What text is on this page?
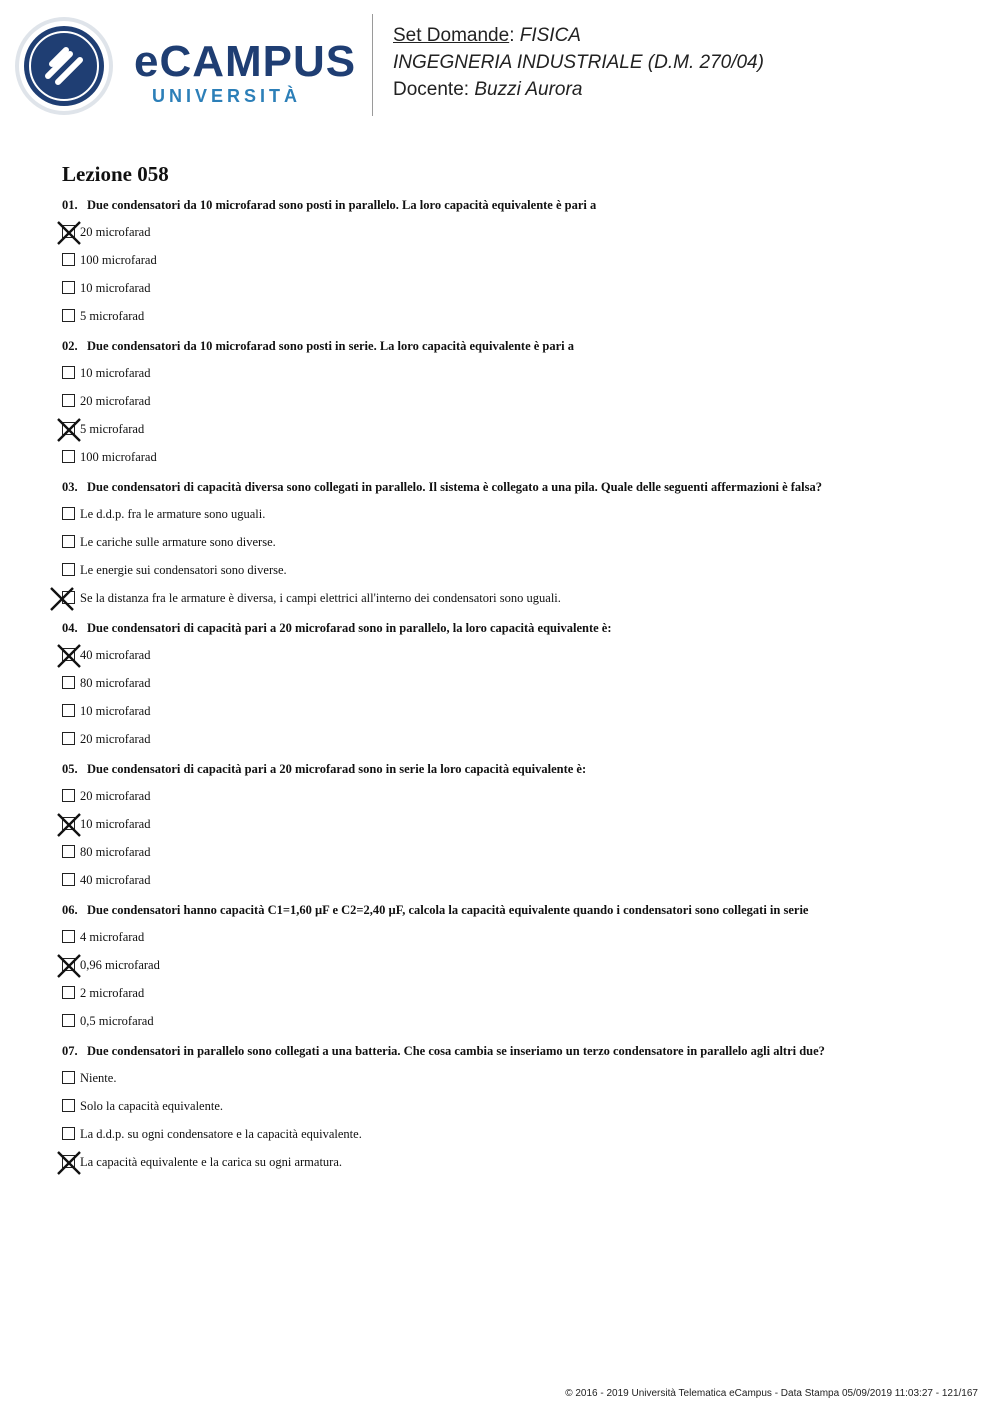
eCAMPUS
UNIVERSITÀ
Set Domande: FISICA
INGEGNERIA INDUSTRIALE (D.M. 270/04)
Docente: Buzzi Aurora
Lezione 058
01. Due condensatori da 10 microfarad sono posti in parallelo. La loro capacità equivalente è pari a
20 microfarad
100 microfarad
10 microfarad
5 microfarad
02. Due condensatori da 10 microfarad sono posti in serie. La loro capacità equivalente è pari a
10 microfarad
20 microfarad
5 microfarad
100 microfarad
03. Due condensatori di capacità diversa sono collegati in parallelo. Il sistema è collegato a una pila. Quale delle seguenti affermazioni è falsa?
Le d.d.p. fra le armature sono uguali.
Le cariche sulle armature sono diverse.
Le energie sui condensatori sono diverse.
Se la distanza fra le armature è diversa, i campi elettrici all'interno dei condensatori sono uguali.
04. Due condensatori di capacità pari a 20 microfarad sono in parallelo, la loro capacità equivalente è:
40 microfarad
80 microfarad
10 microfarad
20 microfarad
05. Due condensatori di capacità pari a 20 microfarad sono in serie la loro capacità equivalente è:
20 microfarad
10 microfarad
80 microfarad
40 microfarad
06. Due condensatori hanno capacità C1=1,60 µF e C2=2,40 µF, calcola la capacità equivalente quando i condensatori sono collegati in serie
4 microfarad
0,96 microfarad
2 microfarad
0,5 microfarad
07. Due condensatori in parallelo sono collegati a una batteria. Che cosa cambia se inseriamo un terzo condensatore in parallelo agli altri due?
Niente.
Solo la capacità equivalente.
La d.d.p. su ogni condensatore e la capacità equivalente.
La capacità equivalente e la carica su ogni armatura.
© 2016 - 2019 Università Telematica eCampus - Data Stampa 05/09/2019 11:03:27 - 121/167
